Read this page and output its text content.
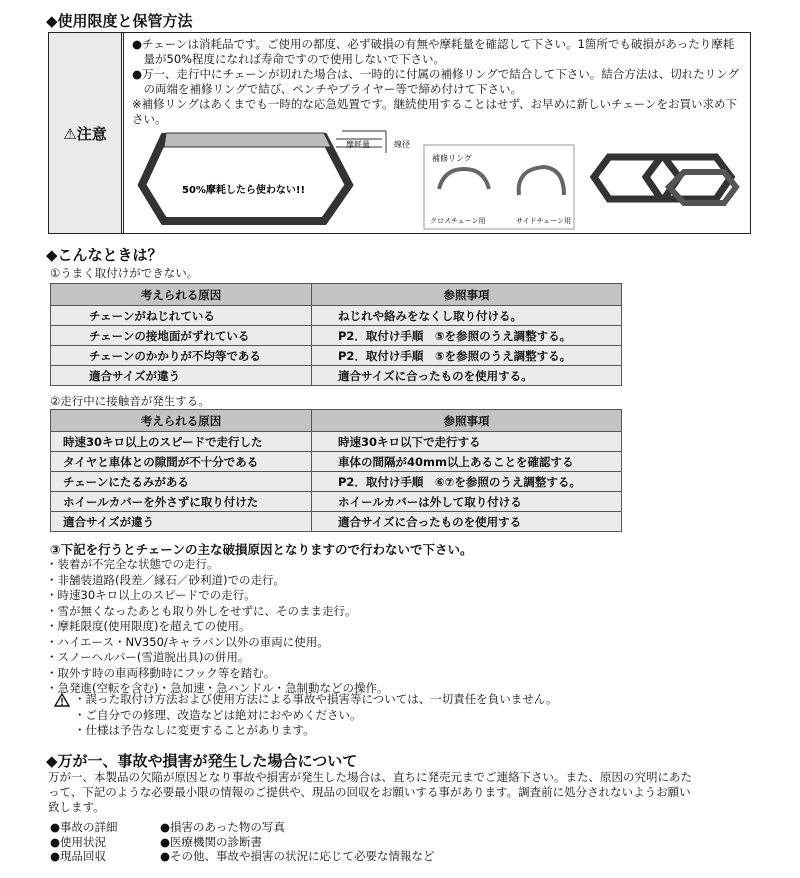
◆使用限度と保管方法
⚠注意

●チェーンは消耗品です。ご使用の都度、必ず破損の有無や摩耗量を確認して下さい。1箇所でも破損があったり摩耗

　量が50%程度になれば寿命ですので使用しないで下さい。

●万一、走行中にチェーンが切れた場合は、一時的に付属の補修リングで結合して下さい。結合方法は、切れたリング

　の両端を補修リングで結び、ペンチやプライヤー等で締め付けて下さい。

※補修リングはあくまでも一時的な応急処置です。継続使用することはせず、お早めに新しいチェーンをお買い求め下さい。

摩耗量	線径
50%摩耗したら使わない!!
補修リング
クロスチェーン用	サイドチェーン用
◆こんなときは？
①うまく取付けができない。
考えられる原因	参照事項
チェーンがねじれている	ねじれや絡みをなくし取り付ける。
チェーンの接地面がずれている	P2．取付け手順　⑤を参照のうえ調整する。
チェーンのかかりが不均等である	P2．取付け手順　⑤を参照のうえ調整する。
適合サイズが違う	適合サイズに合ったものを使用する。
②走行中に接触音が発生する。
考えられる原因	参照事項
時速30キロ以上のスピードで走行した	時速30キロ以下で走行する
タイヤと車体との隙間が不十分である	車体の間隔が40mm以上あることを確認する
チェーンにたるみがある	P2．取付け手順　⑥⑦を参照のうえ調整する。
ホイールカバーを外さずに取り付けた	ホイールカバーは外して取り付ける
適合サイズが違う	適合サイズに合ったものを使用する
③下記を行うとチェーンの主な破損原因となりますので行わないで下さい。
・装着が不完全な状態での走行。
・非舗装道路(段差／縁石／砂利道)での走行。
・時速30キロ以上のスピードでの走行。
・雪が無くなったあとも取り外しをせずに、そのまま走行。
・摩耗限度(使用限度)を超えての使用。
・ハイエース・NV350/キャラバン以外の車両に使用。
・スノーヘルパー(雪道脱出具)の併用。
・取外す時の車両移動時にフック等を踏む。
・急発進(空転を含む)・急加速・急ハンドル・急制動などの操作。
・誤った取付け方法および使用方法による事故や損害等については、一切責任を負いません。
・ご自分での修理、改造などは絶対におやめください。
・仕様は予告なしに変更することがあります。
◆万が一、事故や損害が発生した場合について
万が一、本製品の欠陥が原因となり事故や損害が発生した場合は、直ちに発売元までご連絡下さい。また、原因の究明にあた
って、下記のような必要最小限の情報のご提供や、現品の回収をお願いする事があります。調査前に処分されないようお願い
致します。
●事故の詳細
●使用状況
●現品回収
●損害のあった物の写真
●医療機関の診断書
●その他、事故や損害の状況に応じて必要な情報など
